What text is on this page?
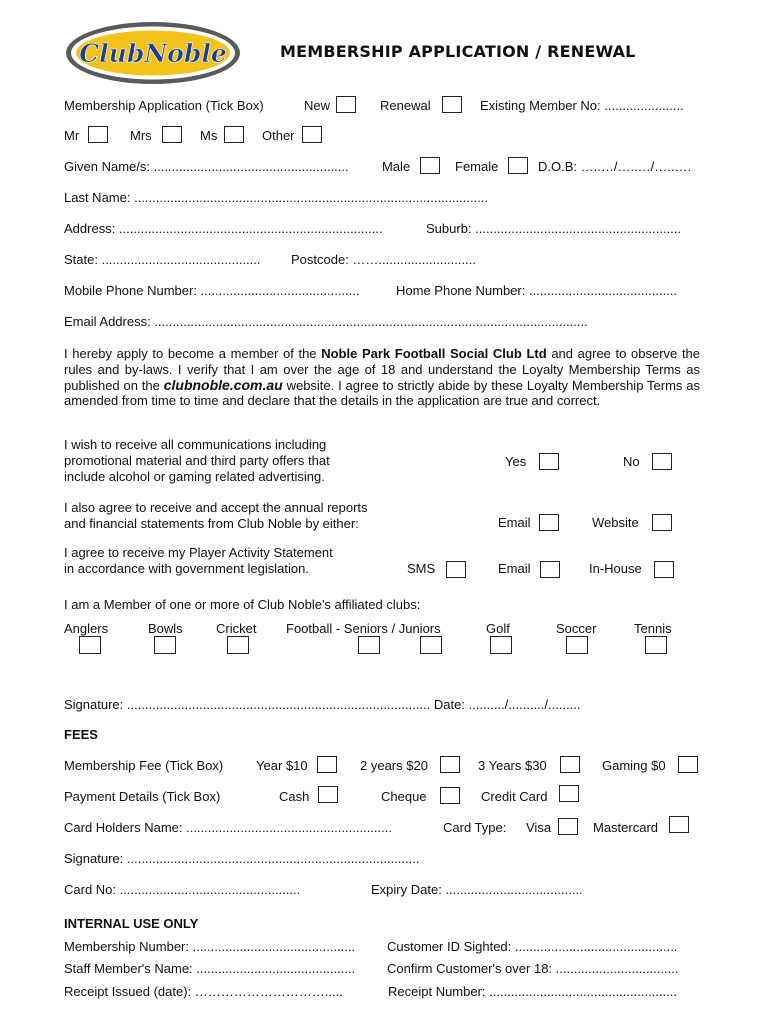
ClubNoble	MEMBERSHIP APPLICATION / RENEWAL
Membership Application (Tick Box)	New	Renewal	Existing Member No: ......................
Mr	Mrs	Ms	Other
Given Name/s: ......................................................	Male	Female	D.O.B: …..…/…..…/…..….
Last Name: ..................................................................................................
Address: .........................................................................	Suburb: .........................................................
State: ............................................ Postcode: ……...........................
Mobile Phone Number: ............................................	Home Phone Number: .........................................
Email Address: ........................................................................................................................
I hereby apply to become a member of the Noble Park Football Social Club Ltd and agree to observe the rules and by-laws. I verify that I am over the age of 18 and understand the Loyalty Membership Terms as published on the clubnoble.com.au website. I agree to strictly abide by these Loyalty Membership Terms as amended from time to time and declare that the details in the application are true and correct.
I wish to receive all communications including
promotional material and third party offers that
include alcohol or gaming related advertising.
Yes	No
I also agree to receive and accept the annual reports
and financial statements from Club Noble by either:	Email	Website
I agree to receive my Player Activity Statement
in accordance with government legislation.	SMS	Email	In-House
I am a Member of one or more of Club Noble's affiliated clubs:
Anglers	Bowls	Cricket Football - Seniors / Juniors	Golf	Soccer	Tennis
Signature: .................................................................................... Date: ........../........../.........
FEES
Membership Fee (Tick Box)	Year $10	2 years $20	3 Years $30	Gaming $0
Payment Details (Tick Box)	Cash	Cheque	Credit Card
Card Holders Name: .........................................................	Card Type: Visa	Mastercard
Signature: .................................................................................
Card No: ..................................................	Expiry Date: ......................................
INTERNAL USE ONLY
Membership Number: ............................................. Customer ID Sighted: .............................................
Staff Member's Name: ............................................ Confirm Customer's over 18: ..................................
Receipt Issued (date): ………………………….....	Receipt Number: ....................................................
